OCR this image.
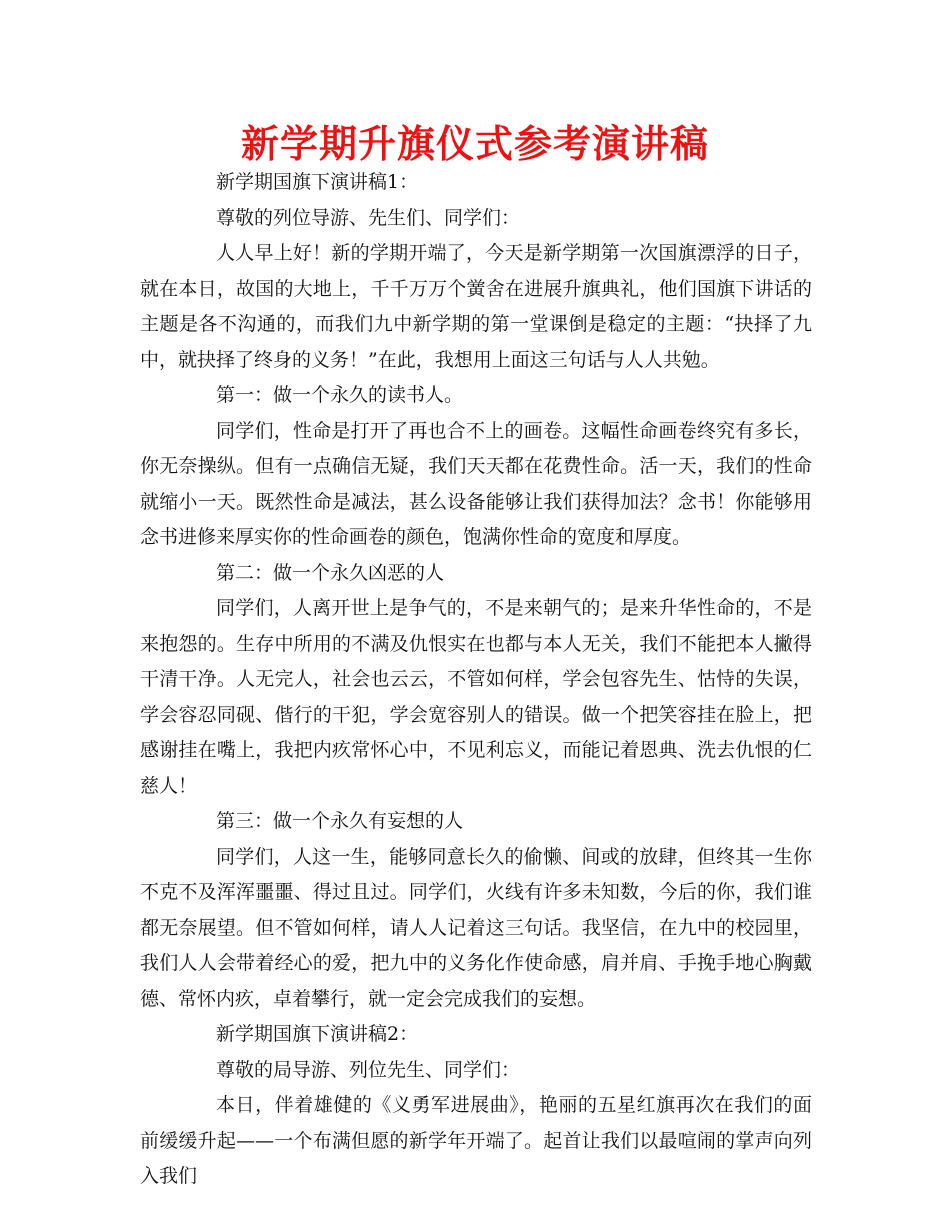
新学期升旗仪式参考演讲稿

新学期国旗下演讲稿1：

尊敬的列位导游、先生们、同学们：

人人早上好！新的学期开端了，今天是新学期第一次国旗漂浮的日子，就在本日，故国的大地上，千千万万个黉舍在进展升旗典礼，他们国旗下讲话的主题是各不沟通的，而我们九中新学期的第一堂课倒是稳定的主题：“抉择了九中，就抉择了终身的义务！”在此，我想用上面这三句话与人人共勉。

第一：做一个永久的读书人。

同学们，性命是打开了再也合不上的画卷。这幅性命画卷终究有多长，你无奈操纵。但有一点确信无疑，我们天天都在花费性命。活一天，我们的性命就缩小一天。既然性命是减法，甚么设备能够让我们获得加法？念书！你能够用念书进修来厚实你的性命画卷的颜色，饱满你性命的宽度和厚度。

第二：做一个永久凶恶的人

同学们，人离开世上是争气的，不是来朝气的；是来升华性命的，不是来抱怨的。生存中所用的不满及仇恨实在也都与本人无关，我们不能把本人撇得干清干净。人无完人，社会也云云，不管如何样，学会包容先生、怙恃的失误，学会容忍同砚、偕行的干犯，学会宽容别人的错误。做一个把笑容挂在脸上，把感谢挂在嘴上，我把内疚常怀心中，不见利忘义，而能记着恩典、洗去仇恨的仁慈人！

第三：做一个永久有妄想的人

同学们，人这一生，能够同意长久的偷懒、间或的放肆，但终其一生你不克不及浑浑噩噩、得过且过。同学们，火线有许多未知数，今后的你，我们谁都无奈展望。但不管如何样，请人人记着这三句话。我坚信，在九中的校园里，我们人人会带着经心的爱，把九中的义务化作使命感，肩并肩、手挽手地心胸戴德、常怀内疚，卓着攀行，就一定会完成我们的妄想。

新学期国旗下演讲稿2：

尊敬的局导游、列位先生、同学们：

本日，伴着雄健的《义勇军进展曲》，艳丽的五星红旗再次在我们的面前缓缓升起——一个布满但愿的新学年开端了。起首让我们以最喧闹的掌声向列入我们
